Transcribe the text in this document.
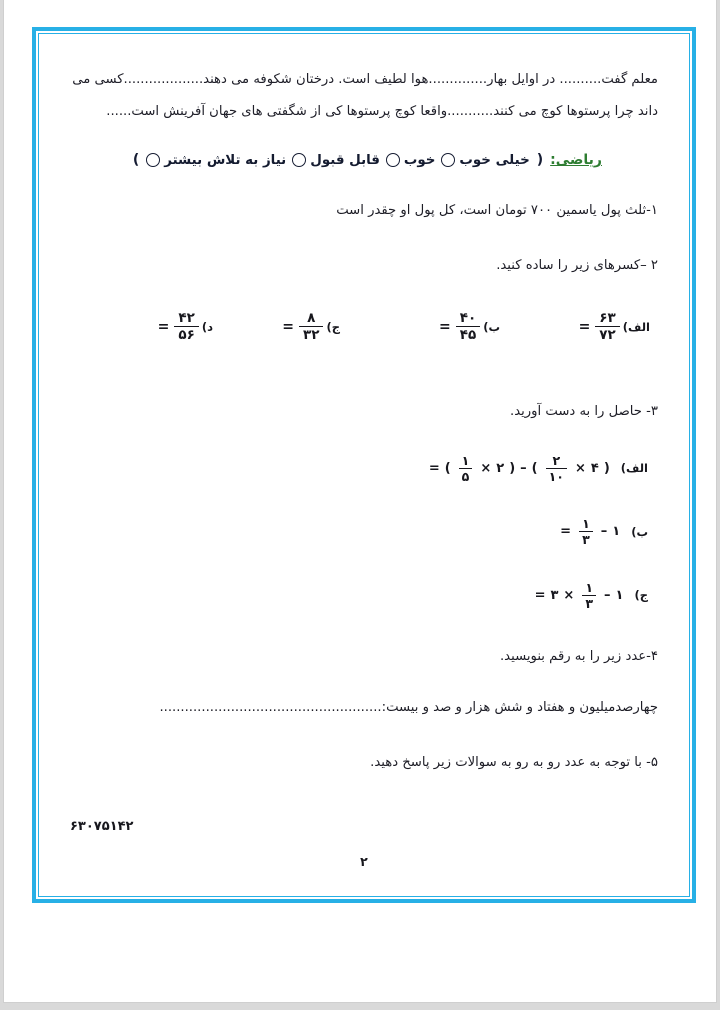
معلم گفت.......... در اوایل بهار..............هوا لطیف است. درختان شکوفه می دهند...................کسی می

داند چرا پرستوها کوچ می کنند...........واقعا کوچ پرستوها کی از شگفتی های جهان آفرینش است......

ریاضی:
(
خیلی خوب
خوب
قابل قبول
نیاز به تلاش بیشتر
)
۱-ثلث پول یاسمین ۷۰۰ تومان است، کل پول او چقدر است
۲ –کسرهای زیر را ساده کنید.
الف)
$\frac{۶۳}{۷۲}$
=
ب)
$\frac{۴۰}{۴۵}$
=
ج)
$\frac{۸}{۳۲}$
=
د)
$\frac{۴۲}{۵۶}$
=
۳- حاصل را به دست آورید.
الف)
(
۴
×
$\frac{۲}{۱۰}$
)
–
(
۲
×
$\frac{۱}{۵}$
)
=
ب)
۱
–
$\frac{۱}{۳}$
=
ج)
۱
–
$\frac{۱}{۳}$
×
۳
=
۴-عدد زیر را به رقم بنویسید.
چهارصدمیلیون و هفتاد و شش هزار و صد و بیست:.....................................................
۵- با توجه به عدد رو به رو به سوالات زیر پاسخ دهید.
۶۳۰۷۵۱۴۲
۲
